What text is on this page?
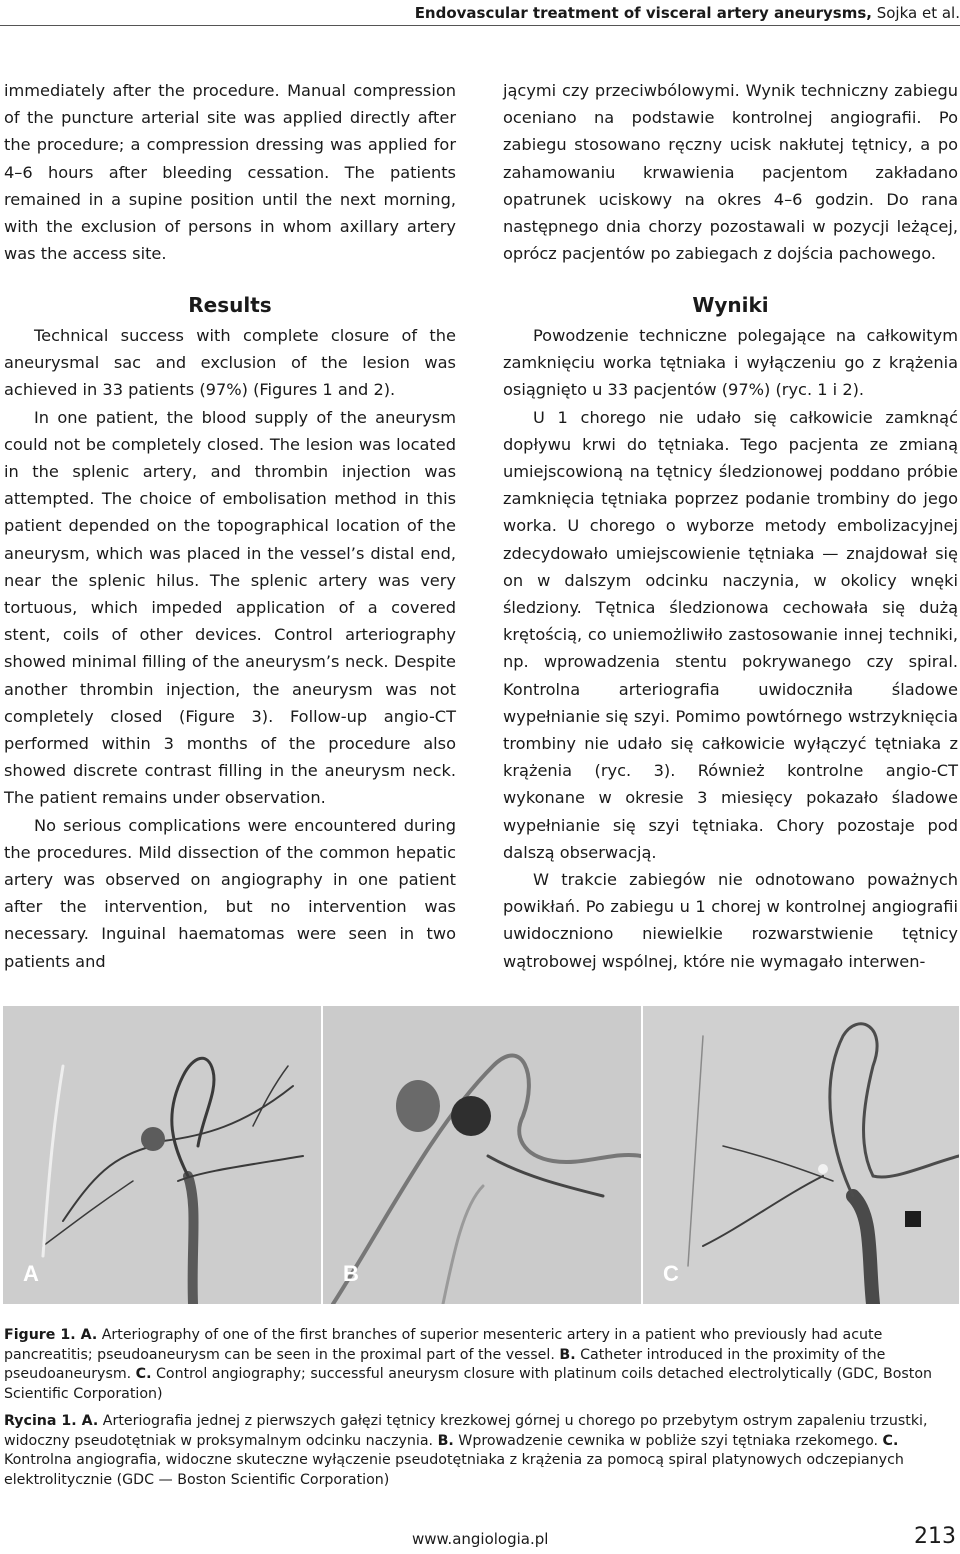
Endovascular treatment of visceral artery aneurysms, Sojka et al.

immediately after the procedure. Manual compression of the puncture arterial site was applied directly after the procedure; a compression dressing was applied for 4–6 hours after bleeding cessation. The patients remained in a supine position until the next morning, with the exclusion of persons in whom axillary artery was the access site.

jącymi czy przeciwbólowymi. Wynik techniczny zabiegu oceniano na podstawie kontrolnej angiografii. Po zabiegu stosowano ręczny ucisk nakłutej tętnicy, a po zahamowaniu krwawienia pacjentom zakładano opatrunek uciskowy na okres 4–6 godzin. Do rana następnego dnia chorzy pozostawali w pozycji leżącej, oprócz pacjentów po zabiegach z dojścia pachowego.

Results	Wyniki

Technical success with complete closure of the aneurysmal sac and exclusion of the lesion was achieved in 33 patients (97%) (Figures 1 and 2).

In one patient, the blood supply of the aneurysm could not be completely closed. The lesion was located in the splenic artery, and thrombin injection was attempted. The choice of embolisation method in this patient depended on the topographical location of the aneurysm, which was placed in the vessel’s distal end, near the splenic hilus. The splenic artery was very tortuous, which impeded application of a covered stent, coils of other devices. Control arteriography showed minimal filling of the aneurysm’s neck. Despite another thrombin injection, the aneurysm was not completely closed (Figure 3). Follow-up angio-CT performed within 3 months of the procedure also showed discrete contrast filling in the aneurysm neck. The patient remains under observation.

No serious complications were encountered during the procedures. Mild dissection of the common hepatic artery was observed on angiography in one patient after the intervention, but no intervention was necessary. Inguinal haematomas were seen in two patients and

Powodzenie techniczne polegające na całkowitym zamknięciu worka tętniaka i wyłączeniu go z krążenia osiągnięto u 33 pacjentów (97%) (ryc. 1 i 2).

U 1 chorego nie udało się całkowicie zamknąć dopływu krwi do tętniaka. Tego pacjenta ze zmianą umiejscowioną na tętnicy śledzionowej poddano próbie zamknięcia tętniaka poprzez podanie trombiny do jego worka. U chorego o wyborze metody embolizacyjnej zdecydowało umiejscowienie tętniaka — znajdował się on w dalszym odcinku naczynia, w okolicy wnęki śledziony. Tętnica śledzionowa cechowała się dużą krętością, co uniemożliwiło zastosowanie innej techniki, np. wprowadzenia stentu pokrywanego czy spiral. Kontrolna arteriografia uwidoczniła śladowe wypełnianie się szyi. Pomimo powtórnego wstrzyknięcia trombiny nie udało się całkowicie wyłączyć tętniaka z krążenia (ryc. 3). Również kontrolne angio-CT wykonane w okresie 3 miesięcy pokazało śladowe wypełnianie się szyi tętniaka. Chory pozostaje pod dalszą obserwacją.

W trakcie zabiegów nie odnotowano poważnych powikłań. Po zabiegu u 1 chorej w kontrolnej angiografii uwidoczniono niewielkie rozwarstwienie tętnicy wątrobowej wspólnej, które nie wymagało interwen-

A	B	C
Figure 1. A. Arteriography of one of the first branches of superior mesenteric artery in a patient who previously had acute pancreatitis; pseudoaneurysm can be seen in the proximal part of the vessel. B. Catheter introduced in the proximity of the pseudoaneurysm. C. Control angiography; successful aneurysm closure with platinum coils detached electrolytically (GDC, Boston Scientific Corporation)
Rycina 1. A. Arteriografia jednej z pierwszych gałęzi tętnicy krezkowej górnej u chorego po przebytym ostrym zapaleniu trzustki, widoczny pseudotętniak w proksymalnym odcinku naczynia. B. Wprowadzenie cewnika w pobliże szyi tętniaka rzekomego. C. Kontrolna angiografia, widoczne skuteczne wyłączenie pseudotętniaka z krążenia za pomocą spiral platynowych odczepianych elektrolitycznie (GDC — Boston Scientific Corporation)
www.angiologia.pl	213
